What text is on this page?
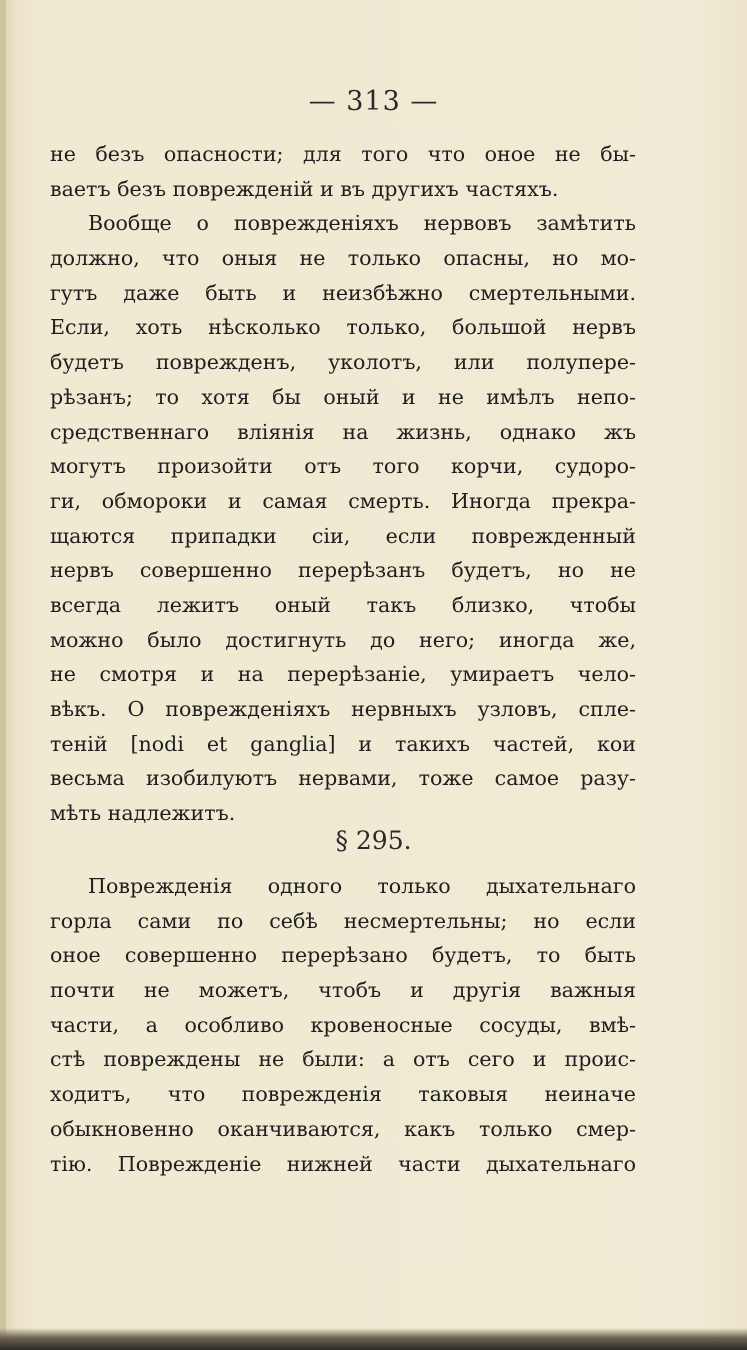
— 313 —
не безъ опасности; для того что оное не бы-
ваетъ безъ поврежденій и въ другихъ частяхъ.
Вообще о поврежденіяхъ нервовъ замѣтить
должно, что оныя не только опасны, но мо-
гутъ даже быть и неизбѣжно смертельными.
Если, хоть нѣсколько только, большой нервъ
будетъ поврежденъ, уколотъ, или полупере-
рѣзанъ; то хотя бы оный и не имѣлъ непо-
средственнаго вліянія на жизнь, однако жъ
могутъ произойти отъ того корчи, судоро-
ги, обмороки и самая смерть. Иногда прекра-
щаются припадки сіи, если поврежденный
нервъ совершенно перерѣзанъ будетъ, но не
всегда лежитъ оный такъ близко, чтобы
можно было достигнуть до него; иногда же,
не смотря и на перерѣзаніе, умираетъ чело-
вѣкъ. О поврежденіяхъ нервныхъ узловъ, спле-
теній [nodi et ganglia] и такихъ частей, кои
весьма изобилуютъ нервами, тоже самое разу-
мѣть надлежитъ.
§ 295.
Поврежденія одного только дыхательнаго
горла сами по себѣ несмертельны; но если
оное совершенно перерѣзано будетъ, то быть
почти не можетъ, чтобъ и другія важныя
части, а особливо кровеносные сосуды, вмѣ-
стѣ повреждены не были: а отъ сего и проис-
ходитъ, что поврежденія таковыя неиначе
обыкновенно оканчиваются, какъ только смер-
тію. Поврежденіе нижней части дыхательнаго
